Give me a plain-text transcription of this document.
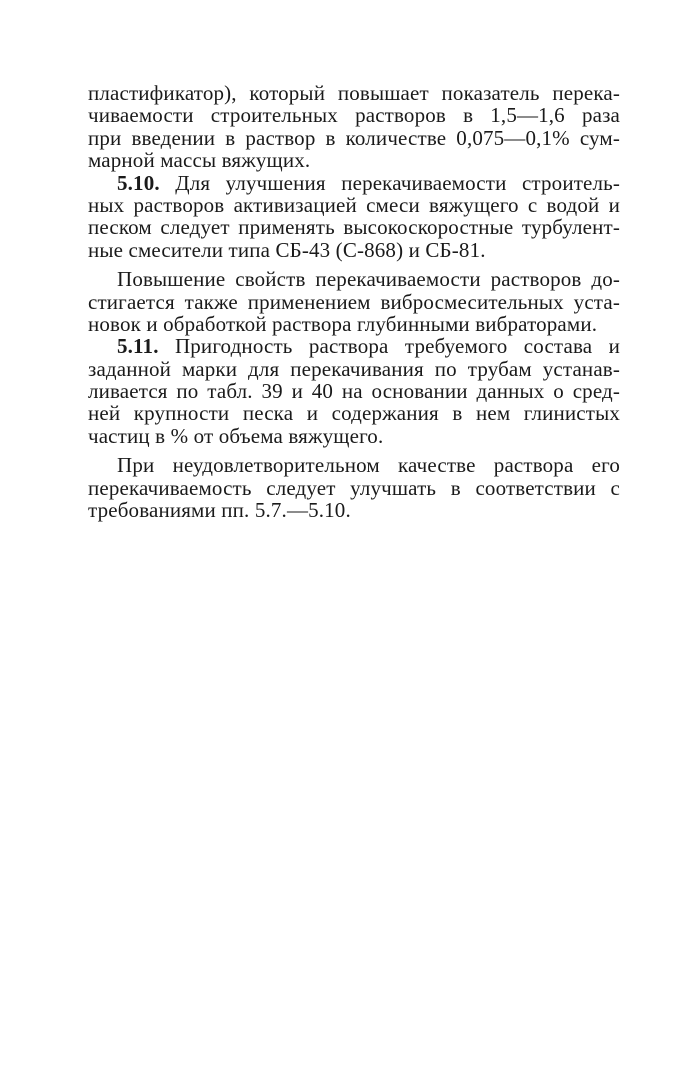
пластификатор), который повышает показатель перека-
чиваемости строительных растворов в 1,5—1,6 раза
при введении в раствор в количестве 0,075—0,1% сум-
марной массы вяжущих.
5.10. Для улучшения перекачиваемости строитель-
ных растворов активизацией смеси вяжущего с водой и
песком следует применять высокоскоростные турбулент-
ные смесители типа СБ-43 (С-868) и СБ-81.
Повышение свойств перекачиваемости растворов до-
стигается также применением вибросмесительных уста-
новок и обработкой раствора глубинными вибраторами.
5.11. Пригодность раствора требуемого состава и
заданной марки для перекачивания по трубам устанав-
ливается по табл. 39 и 40 на основании данных о сред-
ней крупности песка и содержания в нем глинистых
частиц в % от объема вяжущего.
При неудовлетворительном качестве раствора его
перекачиваемость следует улучшать в соответствии с
требованиями пп. 5.7.—5.10.
